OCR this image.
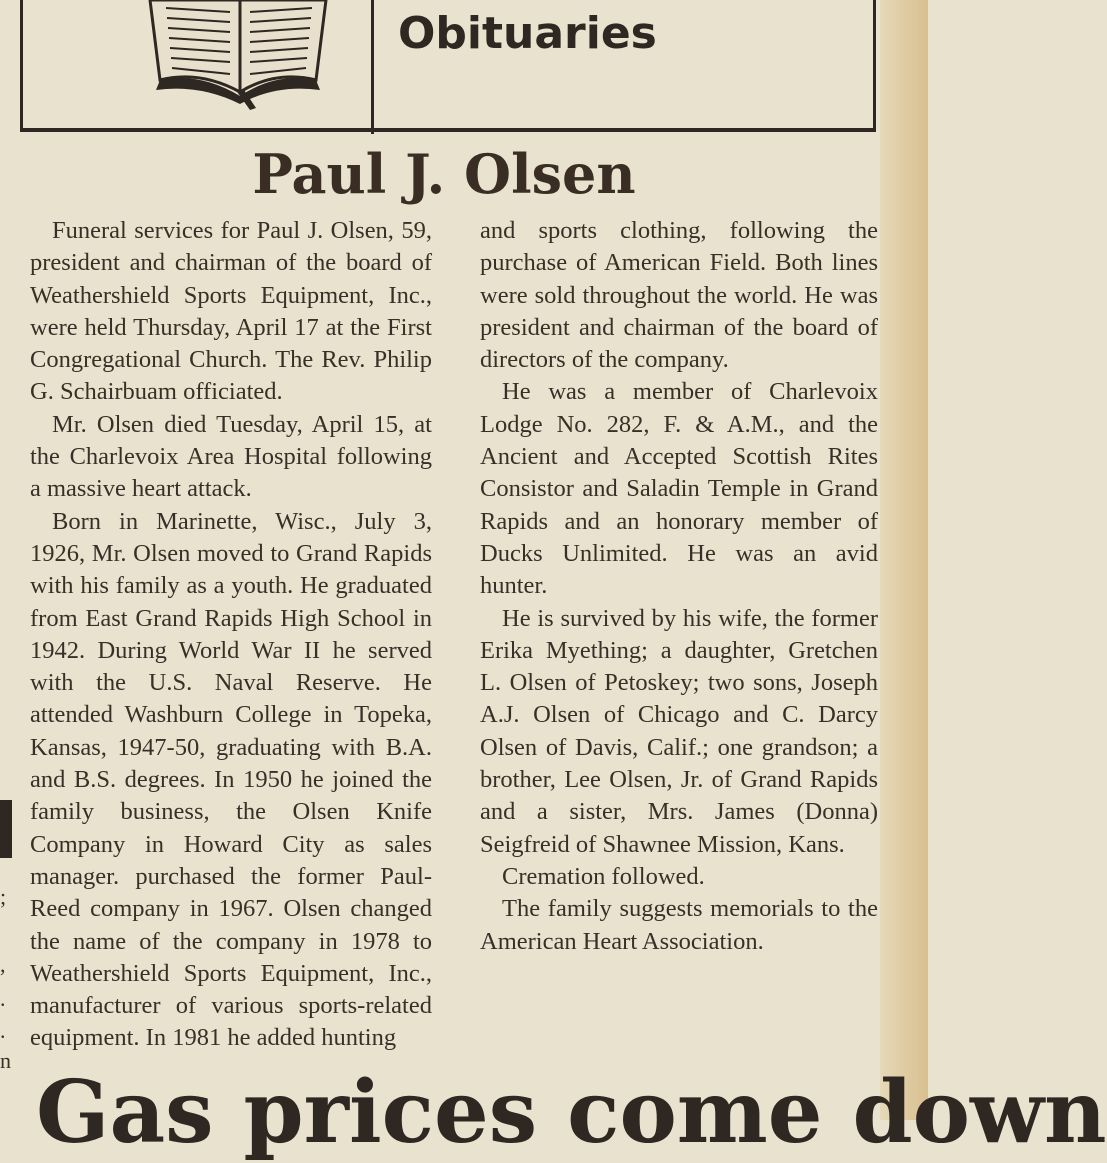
Obituaries
Paul J. Olsen

Funeral services for Paul J. Olsen, 59, president and chairman of the board of Weathershield Sports Equipment, Inc., were held Thursday, April 17 at the First Congregational Church. The Rev. Philip G. Schairbuam officiated.

Mr. Olsen died Tuesday, April 15, at the Charlevoix Area Hospital following a massive heart attack.

Born in Marinette, Wisc., July 3, 1926, Mr. Olsen moved to Grand Rapids with his family as a youth. He graduated from East Grand Rapids High School in 1942. During World War II he served with the U.S. Naval Reserve. He attended Washburn College in Topeka, Kansas, 1947-50, graduating with B.A. and B.S. degrees. In 1950 he joined the family business, the Olsen Knife Company in Howard City as sales manager. purchased the former Paul-Reed company in 1967. Olsen changed the name of the company in 1978 to Weathershield Sports Equipment, Inc., manufacturer of various sports-related equipment. In 1981 he added hunting

and sports clothing, following the purchase of American Field. Both lines were sold throughout the world. He was president and chairman of the board of directors of the company.

He was a member of Charlevoix Lodge No. 282, F. & A.M., and the Ancient and Accepted Scottish Rites Consistor and Saladin Temple in Grand Rapids and an honorary member of Ducks Unlimited. He was an avid hunter.

He is survived by his wife, the former Erika Myething; a daughter, Gretchen L. Olsen of Petoskey; two sons, Joseph A.J. Olsen of Chicago and C. Darcy Olsen of Davis, Calif.; one grandson; a brother, Lee Olsen, Jr. of Grand Rapids and a sister, Mrs. James (Donna) Seigfreid of Shawnee Mission, Kans.

Cremation followed.

The family suggests memorials to the American Heart Association.

;
,
.
.
n
Gas prices come down
